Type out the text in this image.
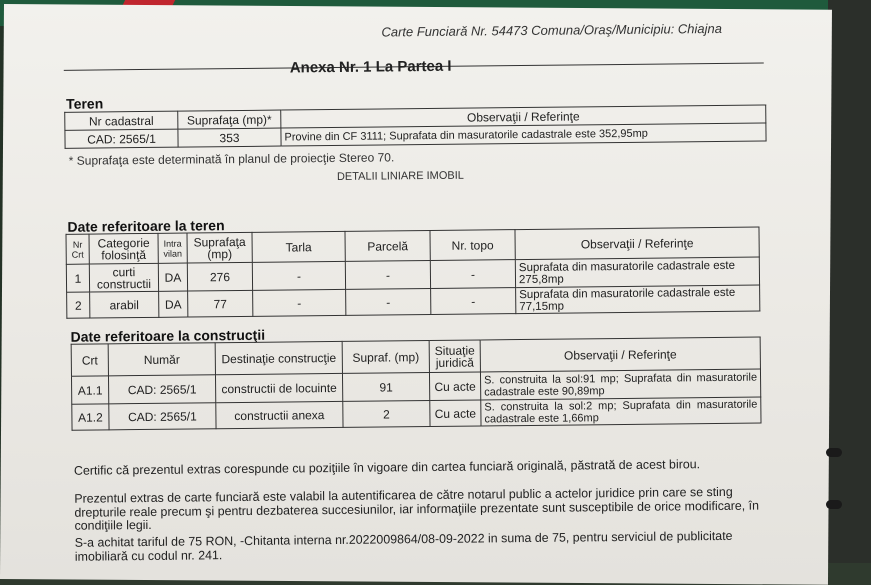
Carte Funciară Nr. 54473 Comuna/Oraş/Municipiu: Chiajna
Anexa Nr. 1 La Partea I
Teren
Nr cadastral	Suprafaţa (mp)*	Observaţii / Referinţe
CAD: 2565/1	353	Provine din CF 3111; Suprafata din masuratorile cadastrale este 352,95mp
* Suprafaţa este determinată în planul de proiecţie Stereo 70.
DETALII LINIARE IMOBIL
Date referitoare la teren
Nr Crt	Categorie folosinţă	Intra vilan	Suprafaţa (mp)	Tarla	Parcelă	Nr. topo	Observaţii / Referinţe
1	curti constructii	DA	276	-	-	-	Suprafata din masuratorile cadastrale este 275,8mp
2	arabil	DA	77	-	-	-	Suprafata din masuratorile cadastrale este 77,15mp
Date referitoare la construcţii
Crt	Număr	Destinaţie construcţie	Supraf. (mp)	Situaţie juridică	Observaţii / Referinţe
A1.1	CAD: 2565/1	constructii de locuinte	91	Cu acte	S. construita la sol:91 mp; Suprafata din masuratorile cadastrale este 90,89mp
A1.2	CAD: 2565/1	constructii anexa	2	Cu acte	S. construita la sol:2 mp; Suprafata din masuratorile cadastrale este 1,66mp
Certific că prezentul extras corespunde cu poziţiile în vigoare din cartea funciară originală, păstrată de acest birou.
Prezentul extras de carte funciară este valabil la autentificarea de către notarul public a actelor juridice prin care se sting drepturile reale precum şi pentru dezbaterea succesiunilor, iar informaţiile prezentate sunt susceptibile de orice modificare, în condiţiile legii.
S-a achitat tariful de 75 RON, -Chitanta interna nr.2022009864/08-09-2022 in suma de 75, pentru serviciul de publicitate imobiliară cu codul nr. 241.
